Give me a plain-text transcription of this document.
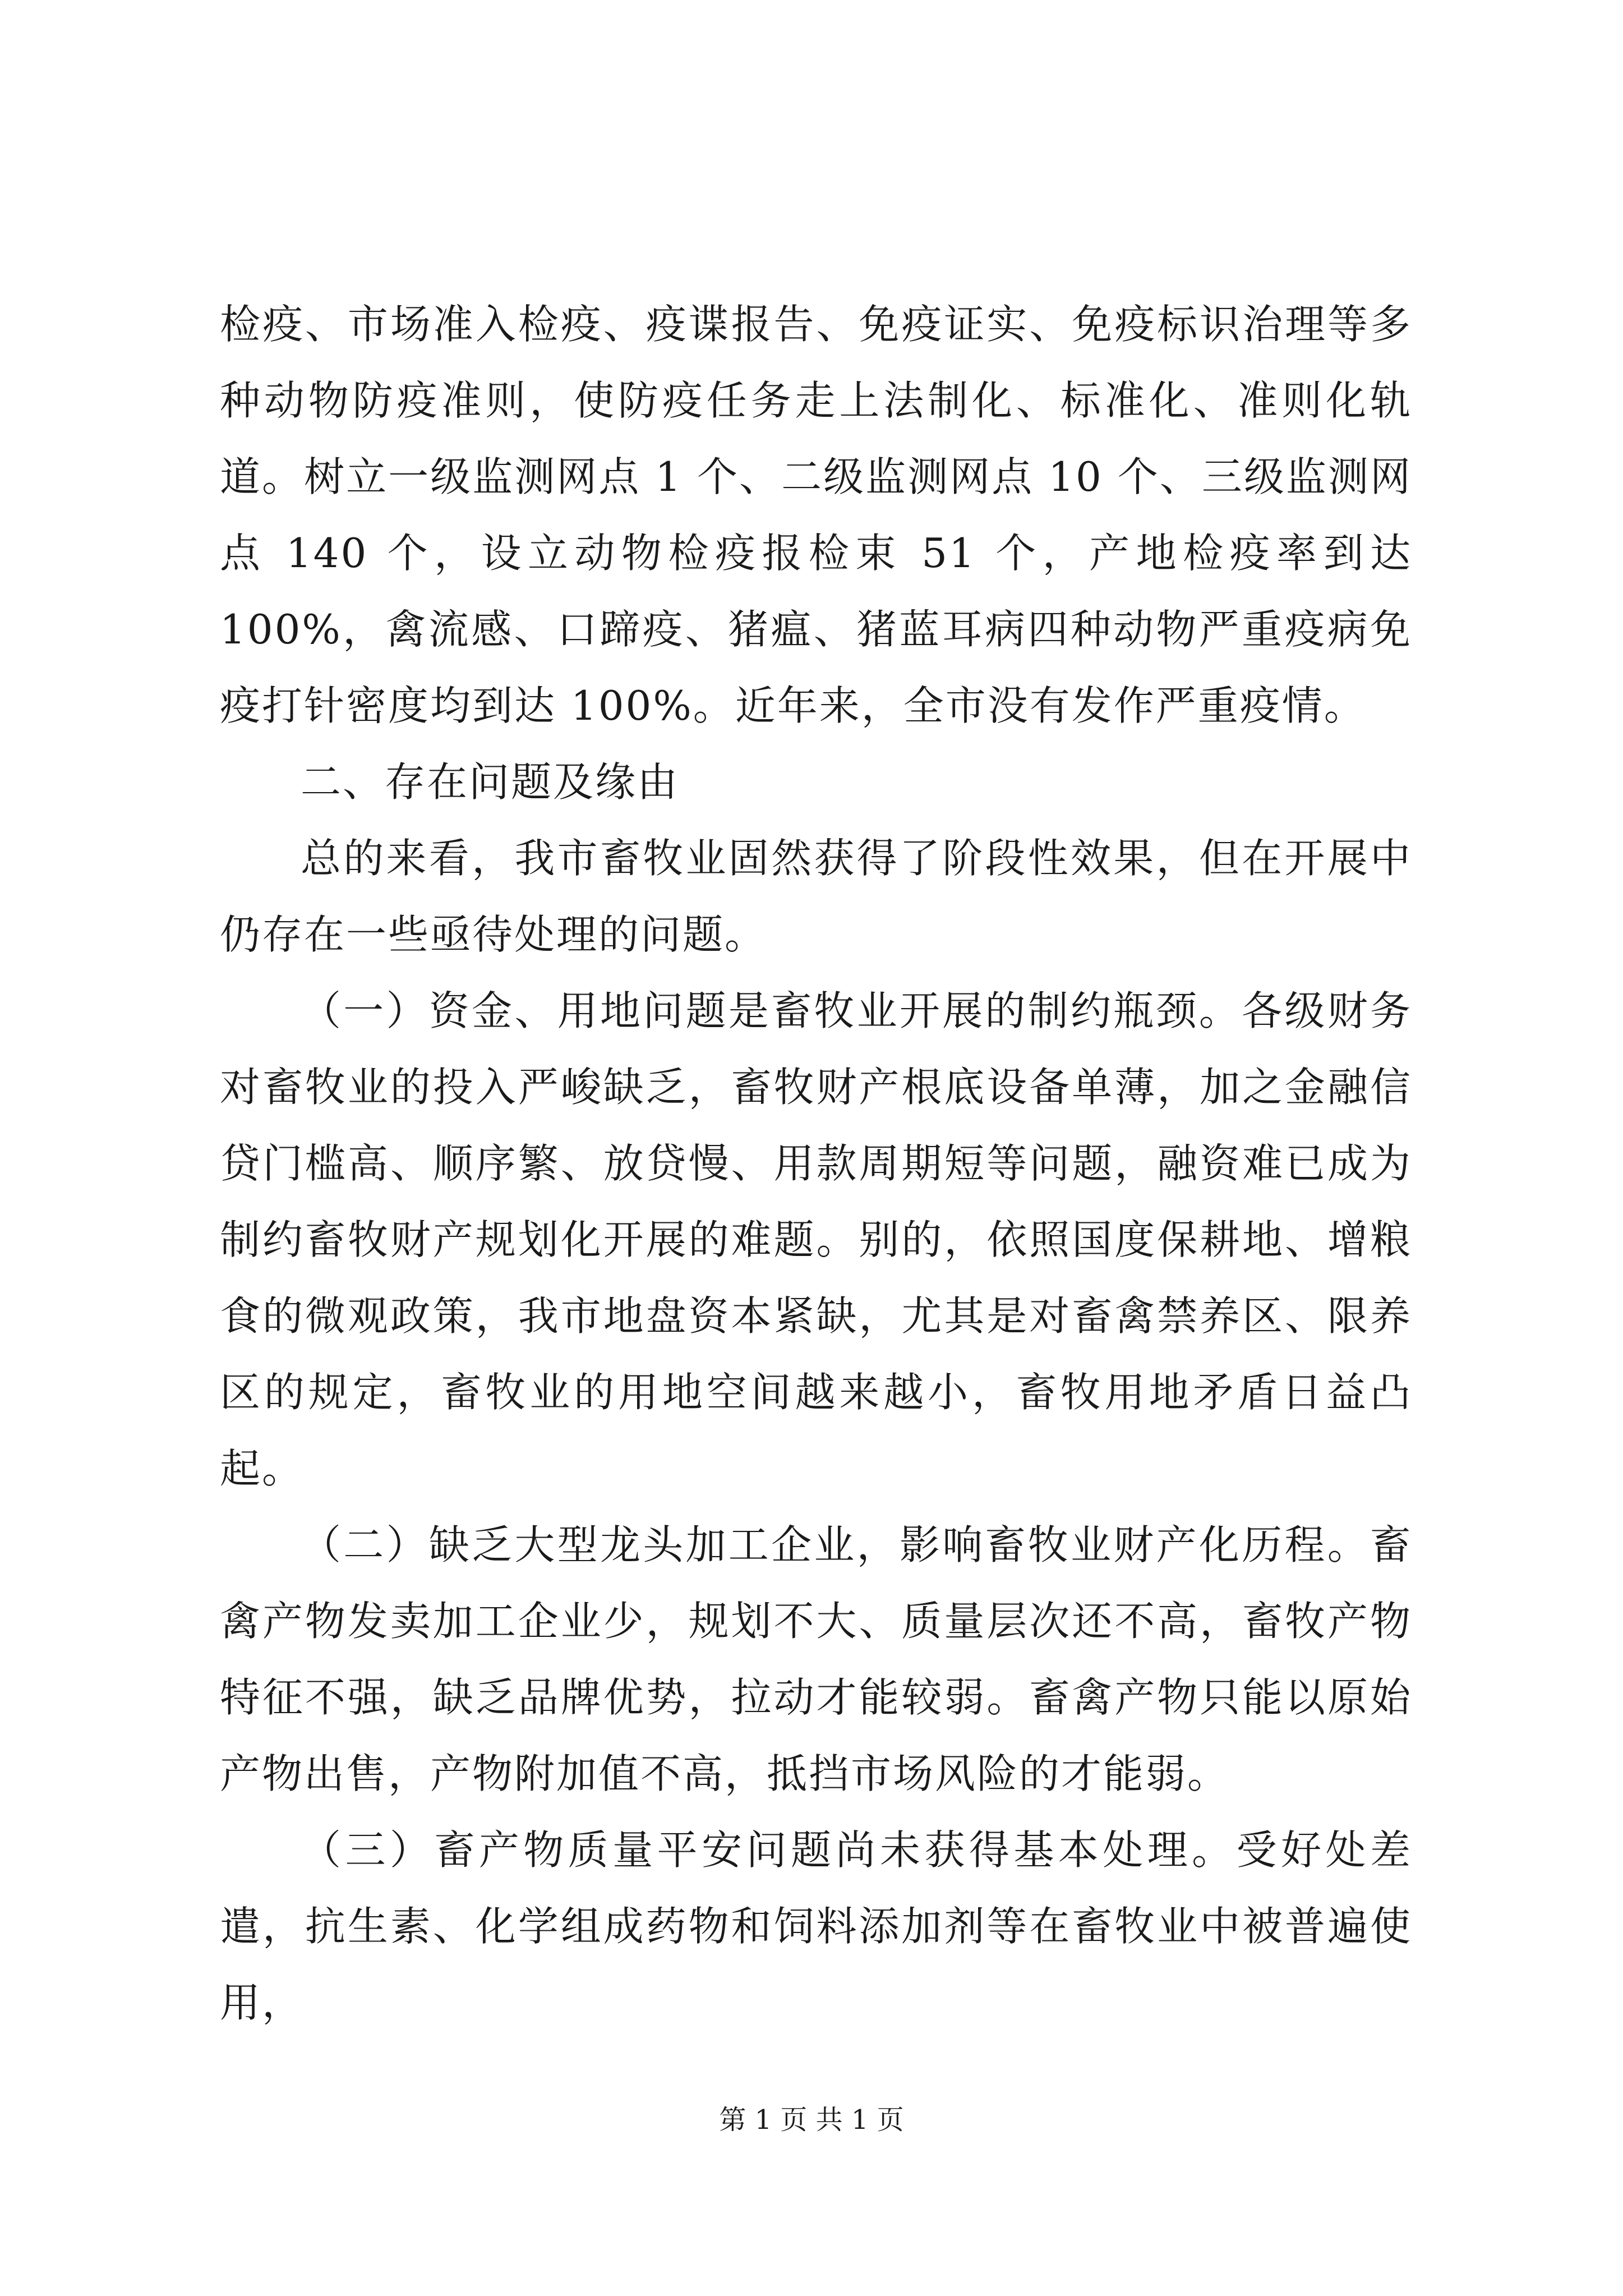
检疫、市场准入检疫、疫谍报告、免疫证实、免疫标识治理等多种动物防疫准则，使防疫任务走上法制化、标准化、准则化轨道。树立一级监测网点 1 个、二级监测网点 10 个、三级监测网点 140 个，设立动物检疫报检束 51 个，产地检疫率到达 100%，禽流感、口蹄疫、猪瘟、猪蓝耳病四种动物严重疫病免疫打针密度均到达 100%。近年来，全市没有发作严重疫情。

二、存在问题及缘由

总的来看，我市畜牧业固然获得了阶段性效果，但在开展中仍存在一些亟待处理的问题。

（一）资金、用地问题是畜牧业开展的制约瓶颈。各级财务对畜牧业的投入严峻缺乏，畜牧财产根底设备单薄，加之金融信贷门槛高、顺序繁、放贷慢、用款周期短等问题，融资难已成为制约畜牧财产规划化开展的难题。别的，依照国度保耕地、增粮食的微观政策，我市地盘资本紧缺，尤其是对畜禽禁养区、限养区的规定，畜牧业的用地空间越来越小，畜牧用地矛盾日益凸起。

（二）缺乏大型龙头加工企业，影响畜牧业财产化历程。畜禽产物发卖加工企业少，规划不大、质量层次还不高，畜牧产物特征不强，缺乏品牌优势，拉动才能较弱。畜禽产物只能以原始产物出售，产物附加值不高，抵挡市场风险的才能弱。

（三）畜产物质量平安问题尚未获得基本处理。受好处差遣，抗生素、化学组成药物和饲料添加剂等在畜牧业中被普遍使用，

第 1 页 共 1 页
